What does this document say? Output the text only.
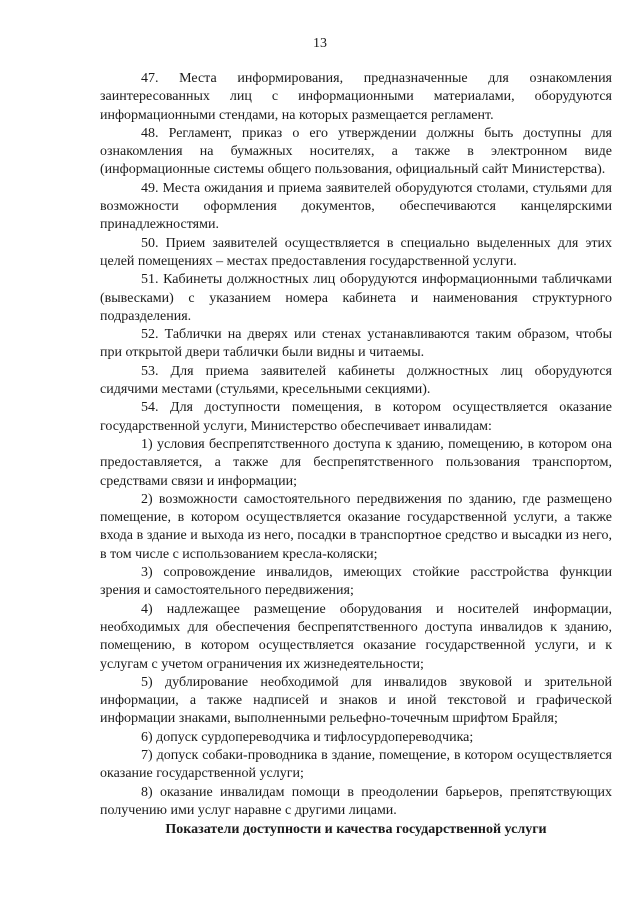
13

47. Места информирования, предназначенные для ознакомления заинтересованных лиц с информационными материалами, оборудуются информационными стендами, на которых размещается регламент.

48. Регламент, приказ о его утверждении должны быть доступны для ознакомления на бумажных носителях, а также в электронном виде (информационные системы общего пользования, официальный сайт Министерства).

49. Места ожидания и приема заявителей оборудуются столами, стульями для возможности оформления документов, обеспечиваются канцелярскими принадлежностями.

50. Прием заявителей осуществляется в специально выделенных для этих целей помещениях – местах предоставления государственной услуги.

51. Кабинеты должностных лиц оборудуются информационными табличками (вывесками) с указанием номера кабинета и наименования структурного подразделения.

52. Таблички на дверях или стенах устанавливаются таким образом, чтобы при открытой двери таблички были видны и читаемы.

53. Для приема заявителей кабинеты должностных лиц оборудуются сидячими местами (стульями, кресельными секциями).

54. Для доступности помещения, в котором осуществляется оказание государственной услуги, Министерство обеспечивает инвалидам:

1) условия беспрепятственного доступа к зданию, помещению, в котором она предоставляется, а также для беспрепятственного пользования транспортом, средствами связи и информации;

2) возможности самостоятельного передвижения по зданию, где размещено помещение, в котором осуществляется оказание государственной услуги, а также входа в здание и выхода из него, посадки в транспортное средство и высадки из него, в том числе с использованием кресла-коляски;

3) сопровождение инвалидов, имеющих стойкие расстройства функции зрения и самостоятельного передвижения;

4) надлежащее размещение оборудования и носителей информации, необходимых для обеспечения беспрепятственного доступа инвалидов к зданию, помещению, в котором осуществляется оказание государственной услуги, и к услугам с учетом ограничения их жизнедеятельности;

5) дублирование необходимой для инвалидов звуковой и зрительной информации, а также надписей и знаков и иной текстовой и графической информации знаками, выполненными рельефно-точечным шрифтом Брайля;

6) допуск сурдопереводчика и тифлосурдопереводчика;

7) допуск собаки-проводника в здание, помещение, в котором осуществляется оказание государственной услуги;

8) оказание инвалидам помощи в преодолении барьеров, препятствующих получению ими услуг наравне с другими лицами.

Показатели доступности и качества государственной услуги
